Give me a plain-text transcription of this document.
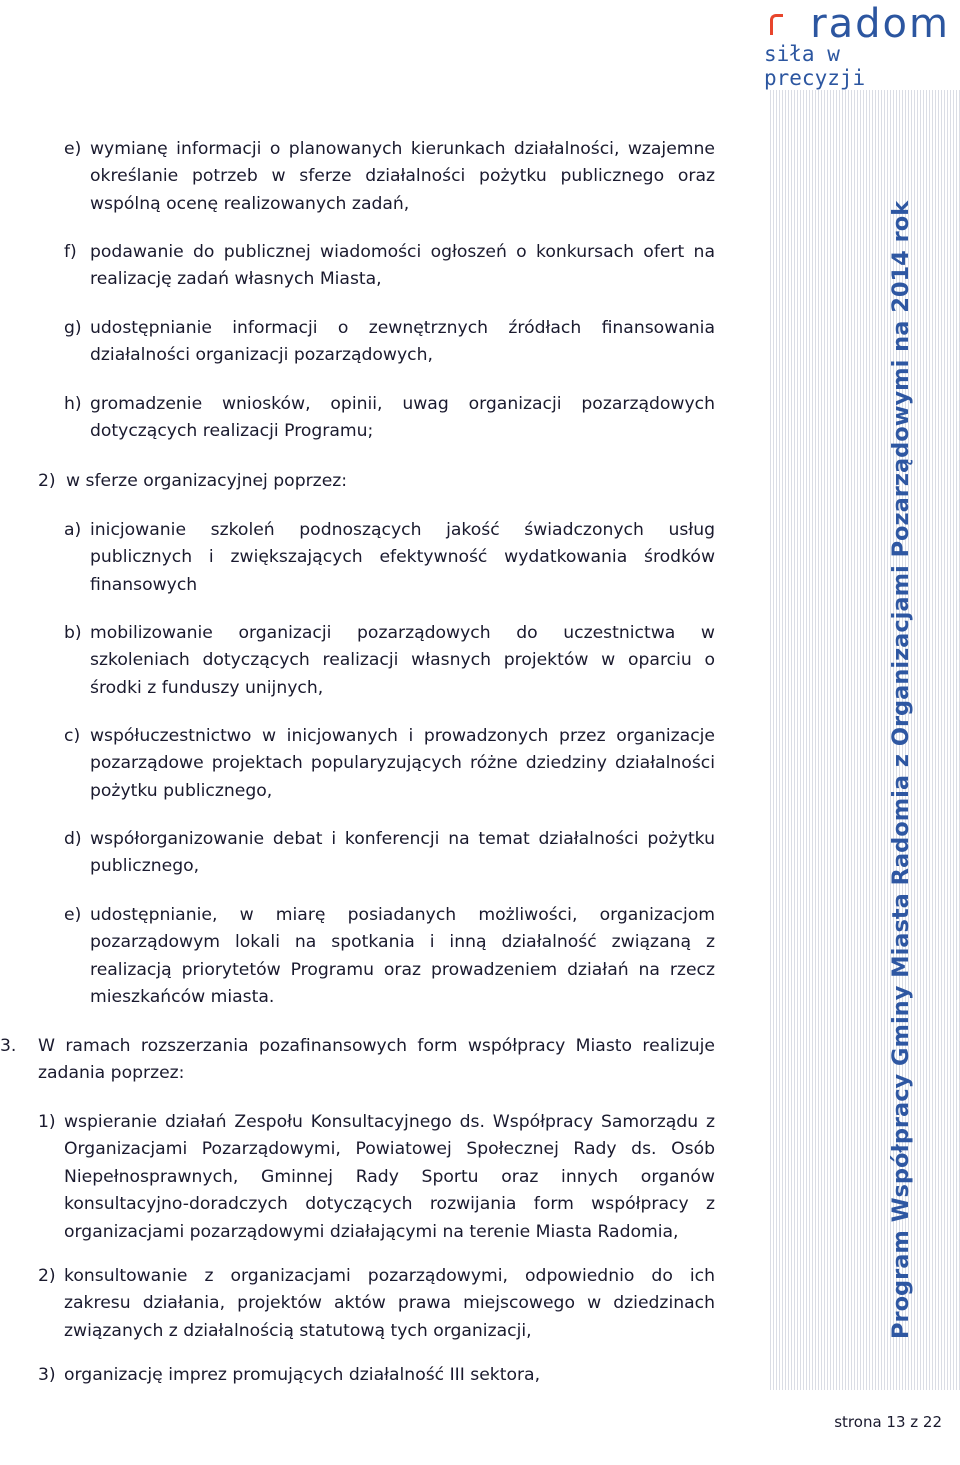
radom
siła w precyzji
Program Współpracy Gminy Miasta Radomia z Organizacjami Pozarządowymi na 2014 rok
e) wymianę informacji o planowanych kierunkach działalności, wzajemne określanie potrzeb w sferze działalności pożytku publicznego oraz wspólną ocenę realizowanych zadań,
f) podawanie do publicznej wiadomości ogłoszeń o konkursach ofert na realizację zadań własnych Miasta,
g) udostępnianie informacji o zewnętrznych źródłach finansowania działalności organizacji pozarządowych,
h) gromadzenie wniosków, opinii, uwag organizacji pozarządowych dotyczących realizacji Programu;
2) w sferze organizacyjnej poprzez:
a) inicjowanie szkoleń podnoszących jakość świadczonych usług publicznych i zwiększających efektywność wydatkowania środków finansowych
b) mobilizowanie organizacji pozarządowych do uczestnictwa w szkoleniach dotyczących realizacji własnych projektów w oparciu o środki z funduszy unijnych,
c) współuczestnictwo w inicjowanych i prowadzonych przez organizacje pozarządowe projektach popularyzujących różne dziedziny działalności pożytku publicznego,
d) współorganizowanie debat i konferencji na temat działalności pożytku publicznego,
e) udostępnianie, w miarę posiadanych możliwości, organizacjom pozarządowym lokali na spotkania i inną działalność związaną z realizacją priorytetów Programu oraz prowadzeniem działań na rzecz mieszkańców miasta.
3. W ramach rozszerzania pozafinansowych form współpracy Miasto realizuje zadania poprzez:
1) wspieranie działań Zespołu Konsultacyjnego ds. Współpracy Samorządu z Organizacjami Pozarządowymi, Powiatowej Społecznej Rady ds. Osób Niepełnosprawnych, Gminnej Rady Sportu oraz innych organów konsultacyjno-doradczych dotyczących rozwijania form współpracy z organizacjami pozarządowymi działającymi na terenie Miasta Radomia,
2) konsultowanie z organizacjami pozarządowymi, odpowiednio do ich zakresu działania, projektów aktów prawa miejscowego w dziedzinach związanych z działalnością statutową tych organizacji,
3) organizację imprez promujących działalność III sektora,
strona 13 z 22
